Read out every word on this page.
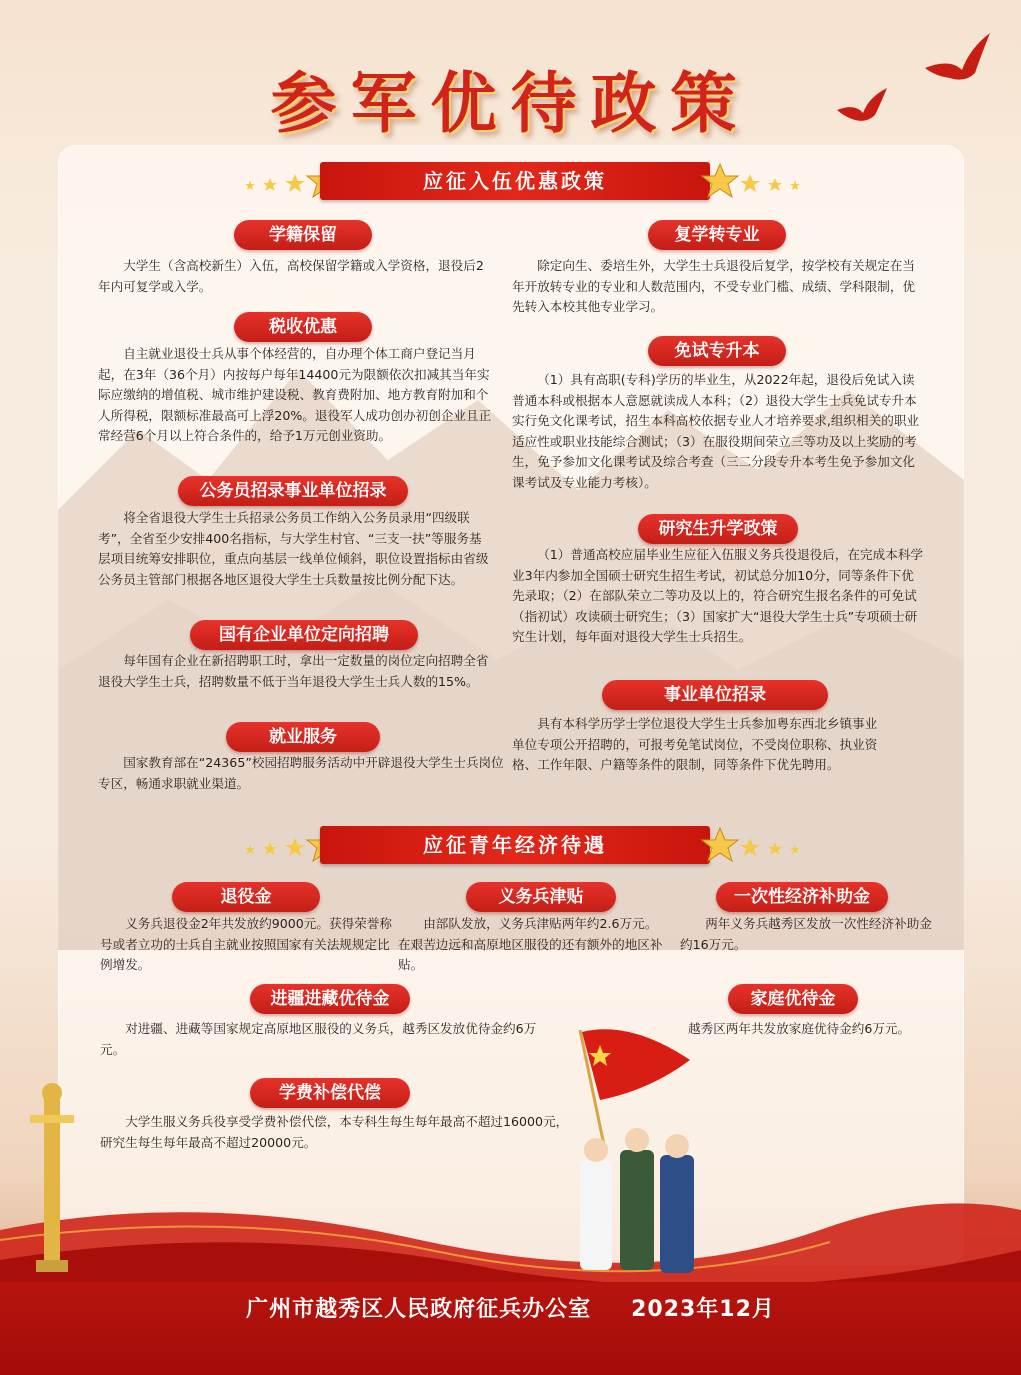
参军优待政策
应征入伍优惠政策
学籍保留
大学生（含高校新生）入伍，高校保留学籍或入学资格，退役后2年内可复学或入学。
税收优惠
自主就业退役士兵从事个体经营的，自办理个体工商户登记当月起，在3年（36个月）内按每户每年14400元为限额依次扣减其当年实际应缴纳的增值税、城市维护建设税、教育费附加、地方教育附加和个人所得税，限额标准最高可上浮20%。退役军人成功创办初创企业且正常经营6个月以上符合条件的，给予1万元创业资助。
公务员招录事业单位招录
将全省退役大学生士兵招录公务员工作纳入公务员录用“四级联考”，全省至少安排400名指标，与大学生村官、“三支一扶”等服务基层项目统筹安排职位，重点向基层一线单位倾斜，职位设置指标由省级公务员主管部门根据各地区退役大学生士兵数量按比例分配下达。
国有企业单位定向招聘
每年国有企业在新招聘职工时，拿出一定数量的岗位定向招聘全省退役大学生士兵，招聘数量不低于当年退役大学生士兵人数的15%。
就业服务
国家教育部在“24365”校园招聘服务活动中开辟退役大学生士兵岗位专区，畅通求职就业渠道。
复学转专业
除定向生、委培生外，大学生士兵退役后复学，按学校有关规定在当年开放转专业的专业和人数范围内，不受专业门槛、成绩、学科限制，优先转入本校其他专业学习。
免试专升本
（1）具有高职(专科)学历的毕业生，从2022年起，退役后免试入读普通本科或根据本人意愿就读成人本科；（2）退役大学生士兵免试专升本实行免文化课考试，招生本科高校依据专业人才培养要求,组织相关的职业适应性或职业技能综合测试；（3）在服役期间荣立三等功及以上奖励的考生，免予参加文化课考试及综合考查（三二分段专升本考生免予参加文化课考试及专业能力考核）。
研究生升学政策
（1）普通高校应届毕业生应征入伍服义务兵役退役后，在完成本科学业3年内参加全国硕士研究生招生考试，初试总分加10分，同等条件下优先录取；（2）在部队荣立二等功及以上的，符合研究生报名条件的可免试（指初试）攻读硕士研究生；（3）国家扩大“退役大学生士兵”专项硕士研究生计划，每年面对退役大学生士兵招生。
事业单位招录
具有本科学历学士学位退役大学生士兵参加粤东西北乡镇事业单位专项公开招聘的，可报考免笔试岗位，不受岗位职称、执业资格、工作年限、户籍等条件的限制，同等条件下优先聘用。
应征青年经济待遇
退役金
义务兵退役金2年共发放约9000元。获得荣誉称号或者立功的士兵自主就业按照国家有关法规规定比例增发。
义务兵津贴
由部队发放，义务兵津贴两年约2.6万元。在艰苦边远和高原地区服役的还有额外的地区补贴。
一次性经济补助金
两年义务兵越秀区发放一次性经济补助金约16万元。
进疆进藏优待金
对进疆、进藏等国家规定高原地区服役的义务兵，越秀区发放优待金约6万元。
家庭优待金
越秀区两年共发放家庭优待金约6万元。
学费补偿代偿
大学生服义务兵役享受学费补偿代偿，本专科生每生每年最高不超过16000元，研究生每生每年最高不超过20000元。
广州市越秀区人民政府征兵办公室 2023年12月
